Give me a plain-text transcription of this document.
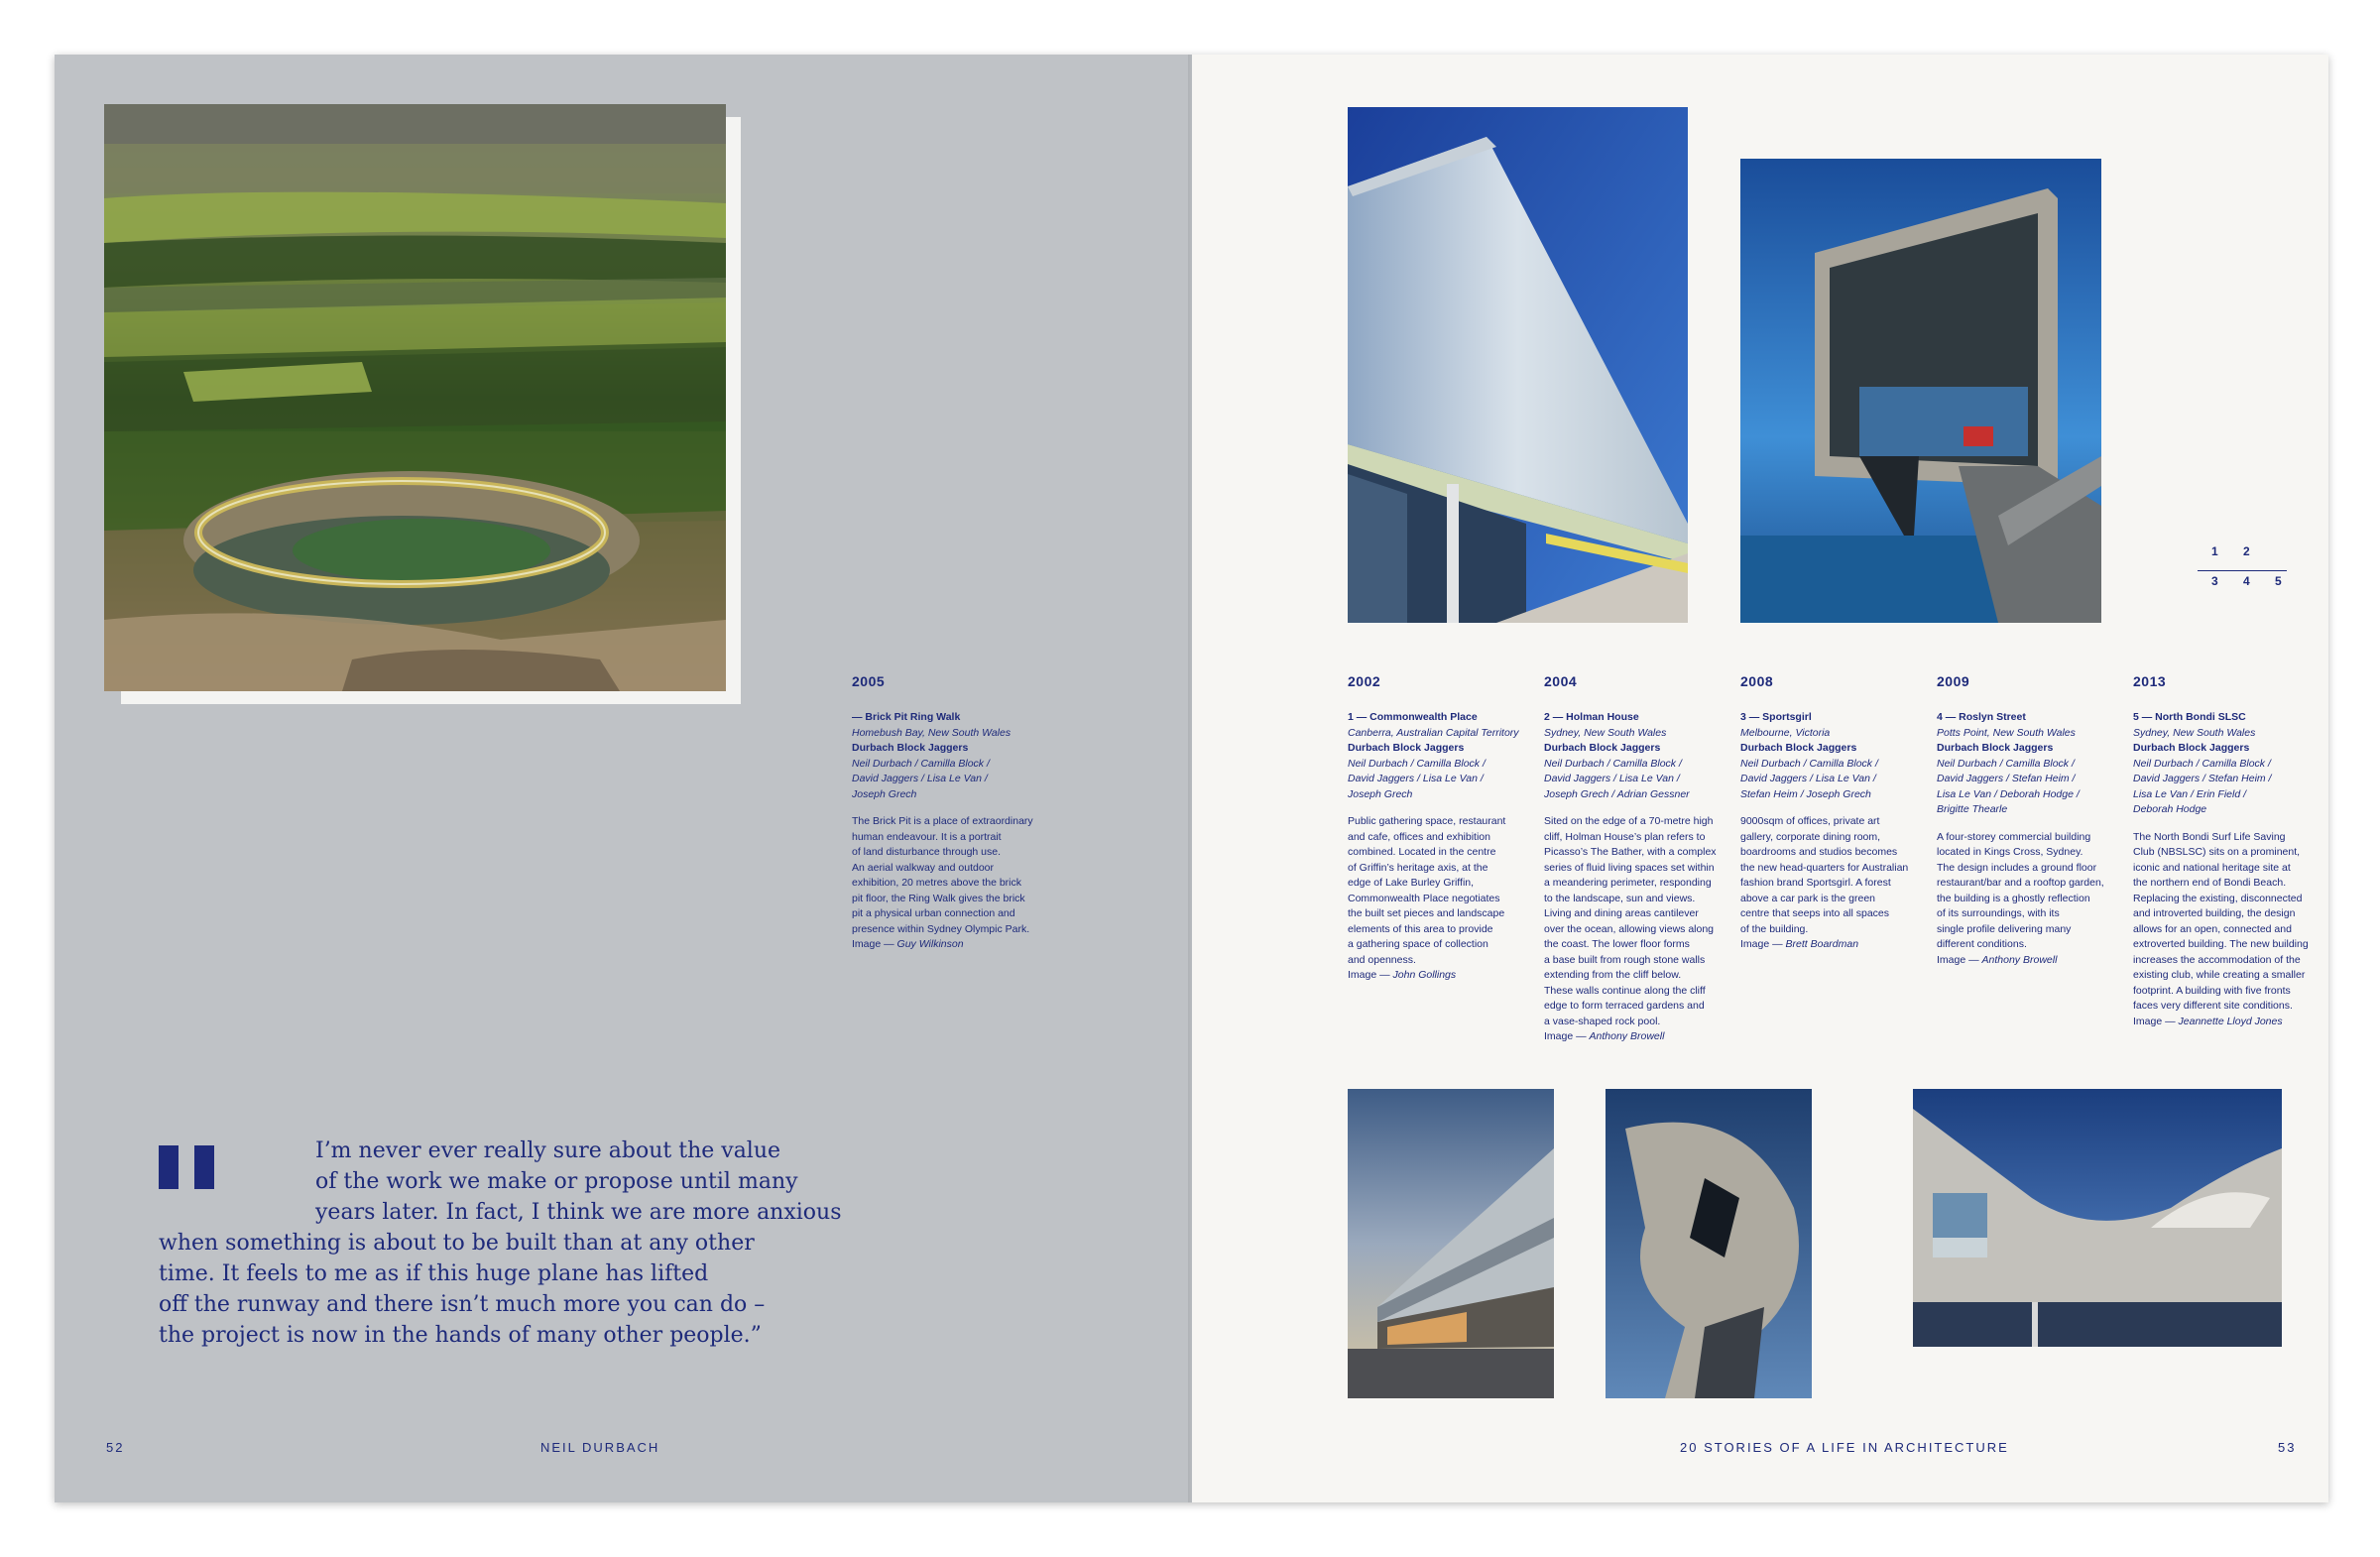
2005

— Brick Pit Ring Walk

Homebush Bay, New South Wales

Durbach Block Jaggers

Neil Durbach / Camilla Block /

David Jaggers / Lisa Le Van /

Joseph Grech

The Brick Pit is a place of extraordinary

human endeavour. It is a portrait

of land disturbance through use.

An aerial walkway and outdoor

exhibition, 20 metres above the brick

pit floor, the Ring Walk gives the brick

pit a physical urban connection and

presence within Sydney Olympic Park.

Image — Guy Wilkinson

I’m never ever really sure about the value
of the work we make or propose until many
years later. In fact, I think we are more anxious
when something is about to be built than at any other
time. It feels to me as if this huge plane has lifted
off the runway and there isn’t much more you can do –
the project is now in the hands of many other people.”
52	NEIL DURBACH
1 2
3 4 5
2002	2004	2008	2009	2013

1 — Commonwealth Place

Canberra, Australian Capital Territory

Durbach Block Jaggers

Neil Durbach / Camilla Block /

David Jaggers / Lisa Le Van /

Joseph Grech

Public gathering space, restaurant

and cafe, offices and exhibition

combined. Located in the centre

of Griffin’s heritage axis, at the

edge of Lake Burley Griffin,

Commonwealth Place negotiates

the built set pieces and landscape

elements of this area to provide

a gathering space of collection

and openness.

Image — John Gollings

2 — Holman House

Sydney, New South Wales

Durbach Block Jaggers

Neil Durbach / Camilla Block /

David Jaggers / Lisa Le Van /

Joseph Grech / Adrian Gessner

Sited on the edge of a 70-metre high

cliff, Holman House’s plan refers to

Picasso’s The Bather, with a complex

series of fluid living spaces set within

a meandering perimeter, responding

to the landscape, sun and views.

Living and dining areas cantilever

over the ocean, allowing views along

the coast. The lower floor forms

a base built from rough stone walls

extending from the cliff below.

These walls continue along the cliff

edge to form terraced gardens and

a vase-shaped rock pool.

Image — Anthony Browell

3 — Sportsgirl

Melbourne, Victoria

Durbach Block Jaggers

Neil Durbach / Camilla Block /

David Jaggers / Lisa Le Van /

Stefan Heim / Joseph Grech

9000sqm of offices, private art

gallery, corporate dining room,

boardrooms and studios becomes

the new head-quarters for Australian

fashion brand Sportsgirl. A forest

above a car park is the green

centre that seeps into all spaces

of the building.

Image — Brett Boardman

4 — Roslyn Street

Potts Point, New South Wales

Durbach Block Jaggers

Neil Durbach / Camilla Block /

David Jaggers / Stefan Heim /

Lisa Le Van / Deborah Hodge /

Brigitte Thearle

A four-storey commercial building

located in Kings Cross, Sydney.

The design includes a ground floor

restaurant/bar and a rooftop garden,

the building is a ghostly reflection

of its surroundings, with its

single profile delivering many

different conditions.

Image — Anthony Browell

5 — North Bondi SLSC

Sydney, New South Wales

Durbach Block Jaggers

Neil Durbach / Camilla Block /

David Jaggers / Stefan Heim /

Lisa Le Van / Erin Field /

Deborah Hodge

The North Bondi Surf Life Saving

Club (NBSLSC) sits on a prominent,

iconic and national heritage site at

the northern end of Bondi Beach.

Replacing the existing, disconnected

and introverted building, the design

allows for an open, connected and

extroverted building. The new building

increases the accommodation of the

existing club, while creating a smaller

footprint. A building with five fronts

faces very different site conditions.

Image — Jeannette Lloyd Jones

20 STORIES OF A LIFE IN ARCHITECTURE	53
